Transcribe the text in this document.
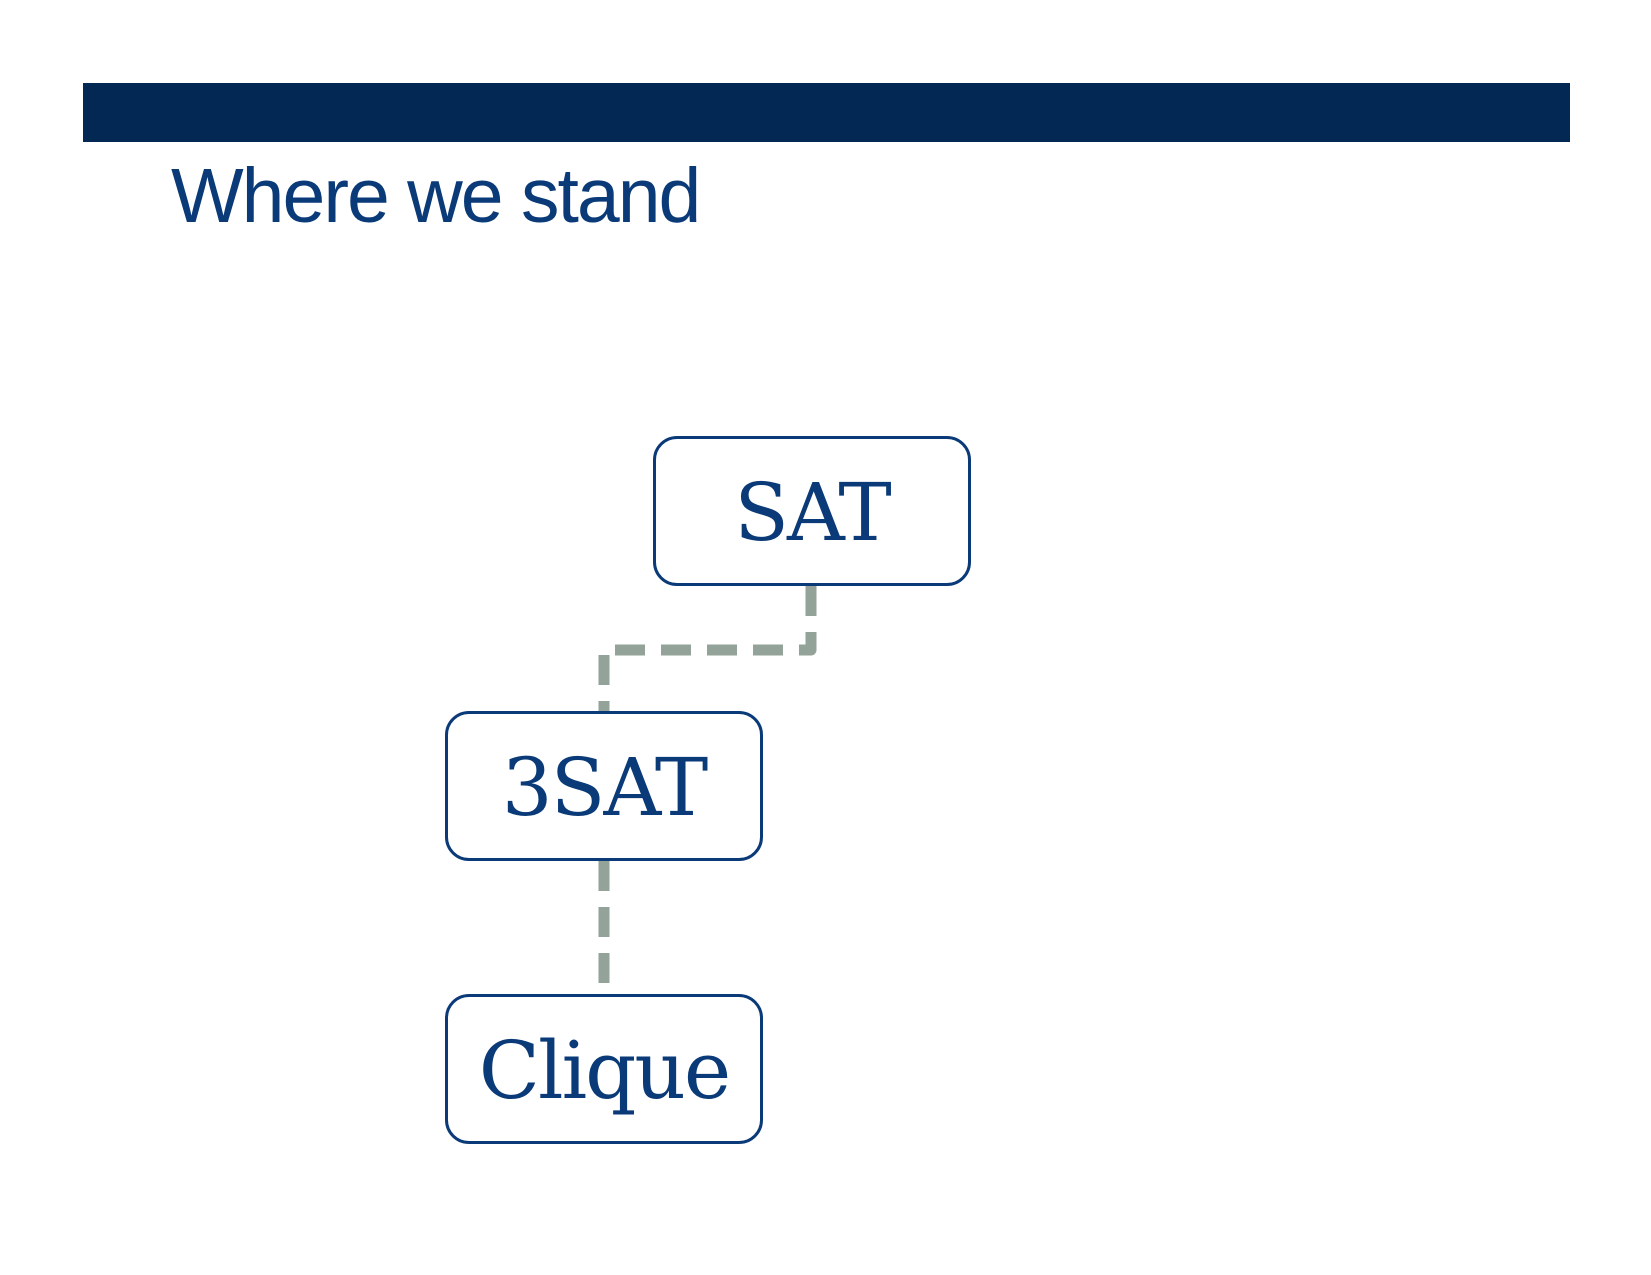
Where we stand
SAT
3SAT
Clique
